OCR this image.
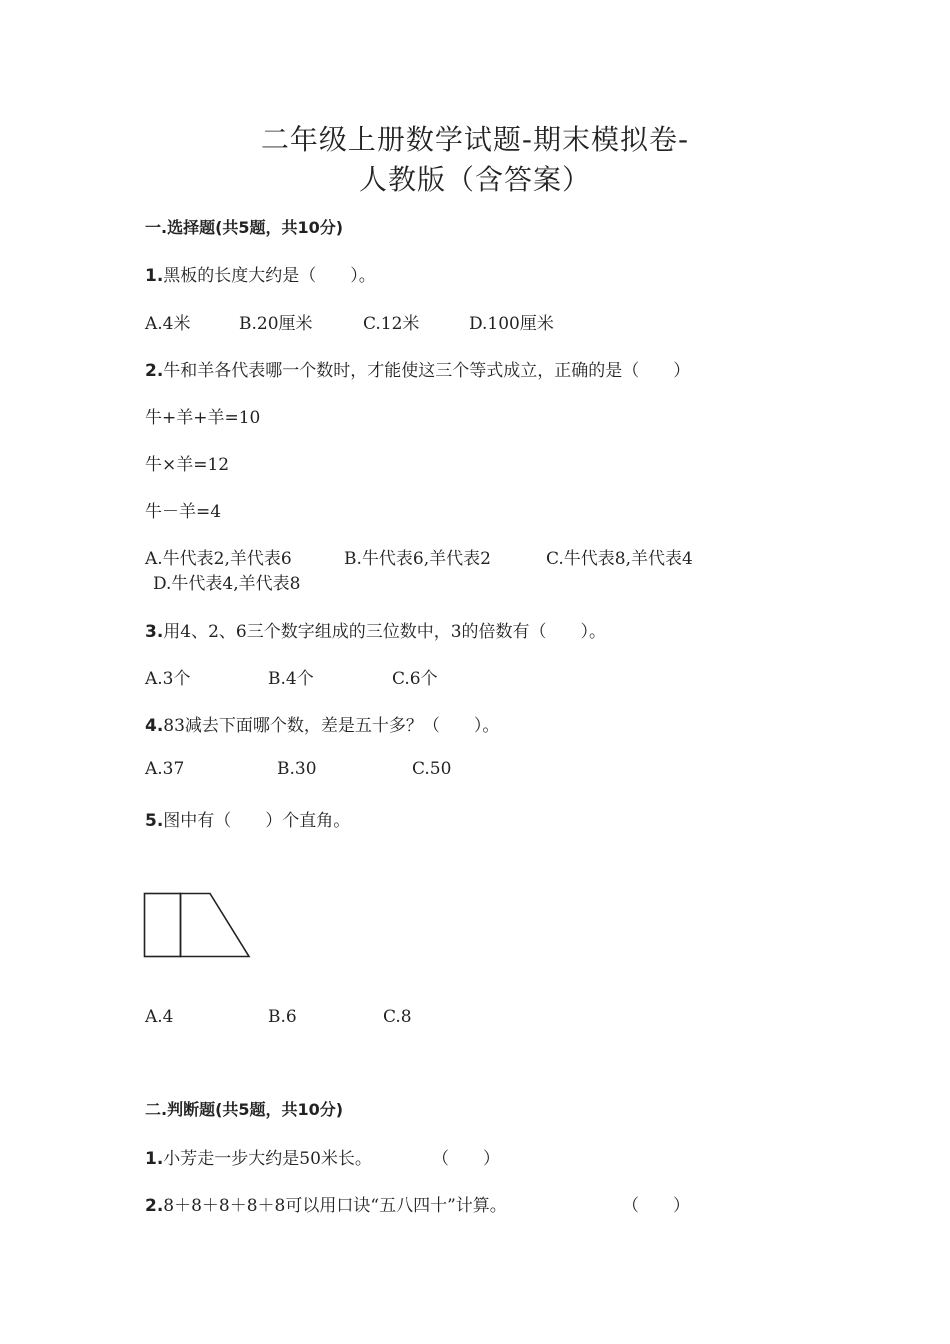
二年级上册数学试题-期末模拟卷-
人教版（含答案）
一.选择题(共5题，共10分)
1.黑板的长度大约是（　　）。
A.4米	B.20厘米	C.12米	D.100厘米
2.牛和羊各代表哪一个数时，才能使这三个等式成立，正确的是（　　）
牛+羊+羊=10
牛×羊=12
牛－羊=4
A.牛代表2,羊代表6	B.牛代表6,羊代表2	C.牛代表8,羊代表4
D.牛代表4,羊代表8
3.用4、2、6三个数字组成的三位数中，3的倍数有（　　）。
A.3个	B.4个	C.6个
4.83减去下面哪个数，差是五十多？（　　）。
A.37	B.30	C.50
5.图中有（　　）个直角。
A.4	B.6	C.8
二.判断题(共5题，共10分)
1.小芳走一步大约是50米长。	（　　）
2.8＋8＋8＋8＋8可以用口诀“五八四十”计算。	（　　）
